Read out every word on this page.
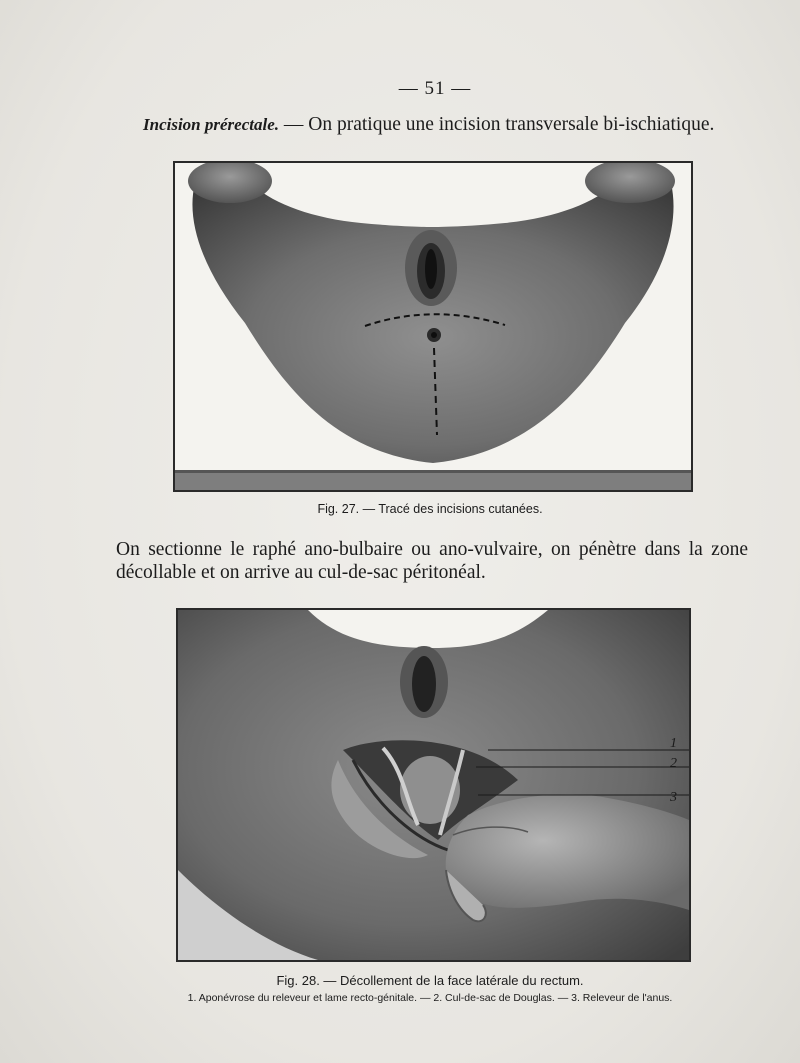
— 51 —
Incision prérectale. — On pratique une incision transversale bi-ischiatique.
Fig. 27. — Tracé des incisions cutanées.
On sectionne le raphé ano-bulbaire ou ano-vulvaire, on pénètre dans la zone décollable et on arrive au cul-de-sac péritonéal.
1
2
3
Fig. 28. — Décollement de la face latérale du rectum.
1. Aponévrose du releveur et lame recto-génitale. — 2. Cul-de-sac de Douglas. — 3. Releveur de l'anus.
